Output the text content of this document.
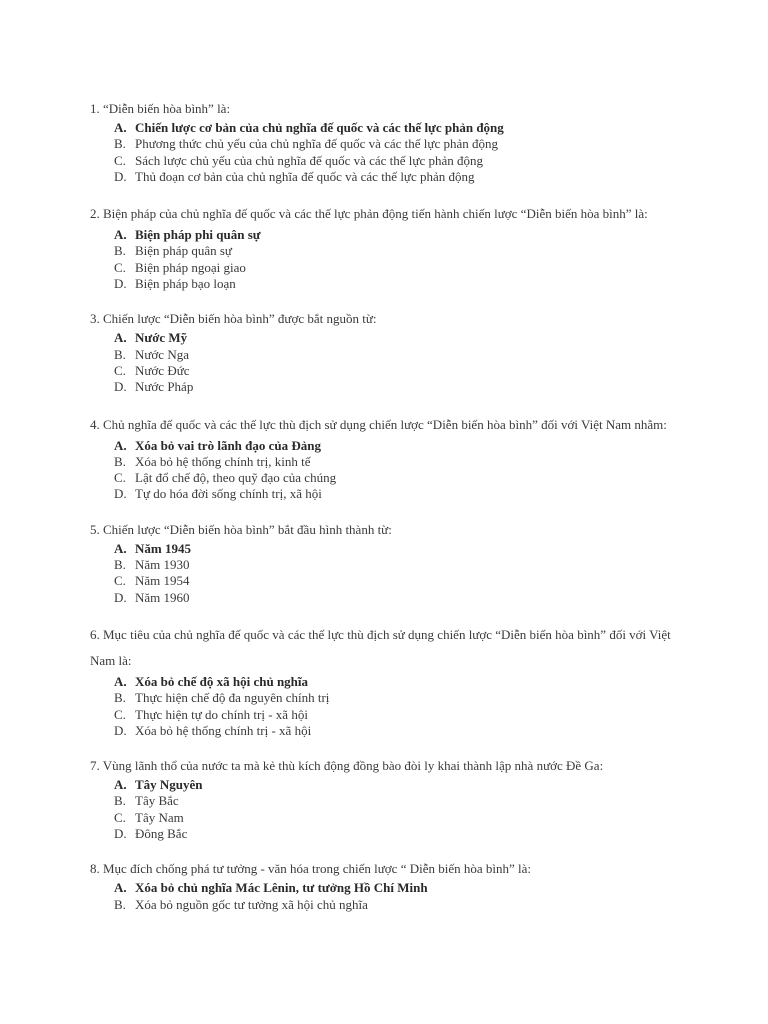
1. “Diễn biến hòa bình” là:

A. Chiến lược cơ bản của chủ nghĩa đế quốc và các thế lực phản động
B. Phương thức chủ yếu của chủ nghĩa đế quốc và các thế lực phản động
C. Sách lược chủ yếu của chủ nghĩa đế quốc và các thế lực phản động
D. Thủ đoạn cơ bản của chủ nghĩa đế quốc và các thế lực phản động

2. Biện pháp của chủ nghĩa đế quốc và các thế lực phản động tiến hành chiến lược “Diễn biến hòa bình” là:

A. Biện pháp phi quân sự
B. Biện pháp quân sự
C. Biện pháp ngoại giao
D. Biện pháp bạo loạn

3. Chiến lược “Diễn biến hòa bình” được bắt nguồn từ:

A. Nước Mỹ
B. Nước Nga
C. Nước Đức
D. Nước Pháp

4. Chủ nghĩa đế quốc và các thế lực thù địch sử dụng chiến lược “Diễn biến hòa bình” đối với Việt Nam nhằm:

A. Xóa bỏ vai trò lãnh đạo của Đảng
B. Xóa bỏ hệ thống chính trị, kinh tế
C. Lật đổ chế độ, theo quỹ đạo của chúng
D. Tự do hóa đời sống chính trị, xã hội

5. Chiến lược “Diễn biến hòa bình” bắt đầu hình thành từ:

A. Năm 1945
B. Năm 1930
C. Năm 1954
D. Năm 1960

6. Mục tiêu của chủ nghĩa đế quốc và các thế lực thù địch sử dụng chiến lược “Diễn biến hòa bình” đối với Việt Nam là:

A. Xóa bỏ chế độ xã hội chủ nghĩa
B. Thực hiện chế độ đa nguyên chính trị
C. Thực hiện tự do chính trị - xã hội
D. Xóa bỏ hệ thống chính trị - xã hội

7. Vùng lãnh thổ của nước ta mà kẻ thù kích động đồng bào đòi ly khai thành lập nhà nước Đề Ga:

A. Tây Nguyên
B. Tây Bắc
C. Tây Nam
D. Đông Bắc

8. Mục đích chống phá tư tưởng - văn hóa trong chiến lược “ Diễn biến hòa bình” là:

A. Xóa bỏ chủ nghĩa Mác Lênin, tư tưởng Hồ Chí Minh
B. Xóa bỏ nguồn gốc tư tưởng xã hội chủ nghĩa
